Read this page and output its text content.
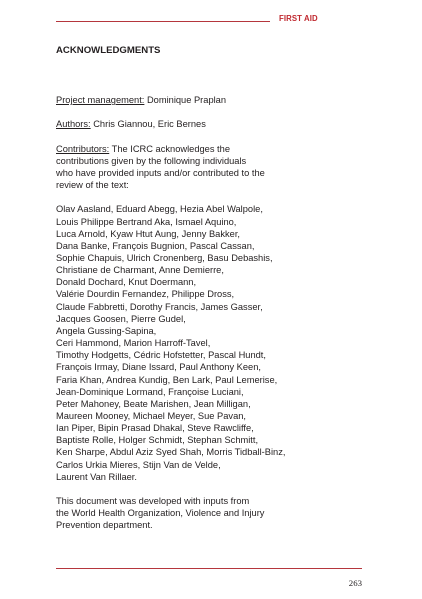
FIRST AID
ACKNOWLEDGMENTS

Project management: Dominique Praplan

Authors: Chris Giannou, Eric Bernes

Contributors: The ICRC acknowledges the
contributions given by the following individuals
who have provided inputs and/or contributed to the
review of the text:

Olav Aasland, Eduard Abegg, Hezia Abel Walpole,
Louis Philippe Bertrand Aka, Ismael Aquino,
Luca Arnold, Kyaw Htut Aung, Jenny Bakker,
Dana Banke, François Bugnion, Pascal Cassan,
Sophie Chapuis, Ulrich Cronenberg, Basu Debashis,
Christiane de Charmant, Anne Demierre,
Donald Dochard, Knut Doermann,
Valérie Dourdin Fernandez, Philippe Dross,
Claude Fabbretti, Dorothy Francis, James Gasser,
Jacques Goosen, Pierre Gudel,
Angela Gussing-Sapina,
Ceri Hammond, Marion Harroff-Tavel,
Timothy Hodgetts, Cédric Hofstetter, Pascal Hundt,
François Irmay, Diane Issard, Paul Anthony Keen,
Faria Khan, Andrea Kundig, Ben Lark, Paul Lemerise,
Jean-Dominique Lormand, Françoise Luciani,
Peter Mahoney, Beate Marishen, Jean Milligan,
Maureen Mooney, Michael Meyer, Sue Pavan,
Ian Piper, Bipin Prasad Dhakal, Steve Rawcliffe,
Baptiste Rolle, Holger Schmidt, Stephan Schmitt,
Ken Sharpe, Abdul Aziz Syed Shah, Morris Tidball-Binz,
Carlos Urkia Mieres, Stijn Van de Velde,
Laurent Van Rillaer.

This document was developed with inputs from
the World Health Organization, Violence and Injury
Prevention department.

263
